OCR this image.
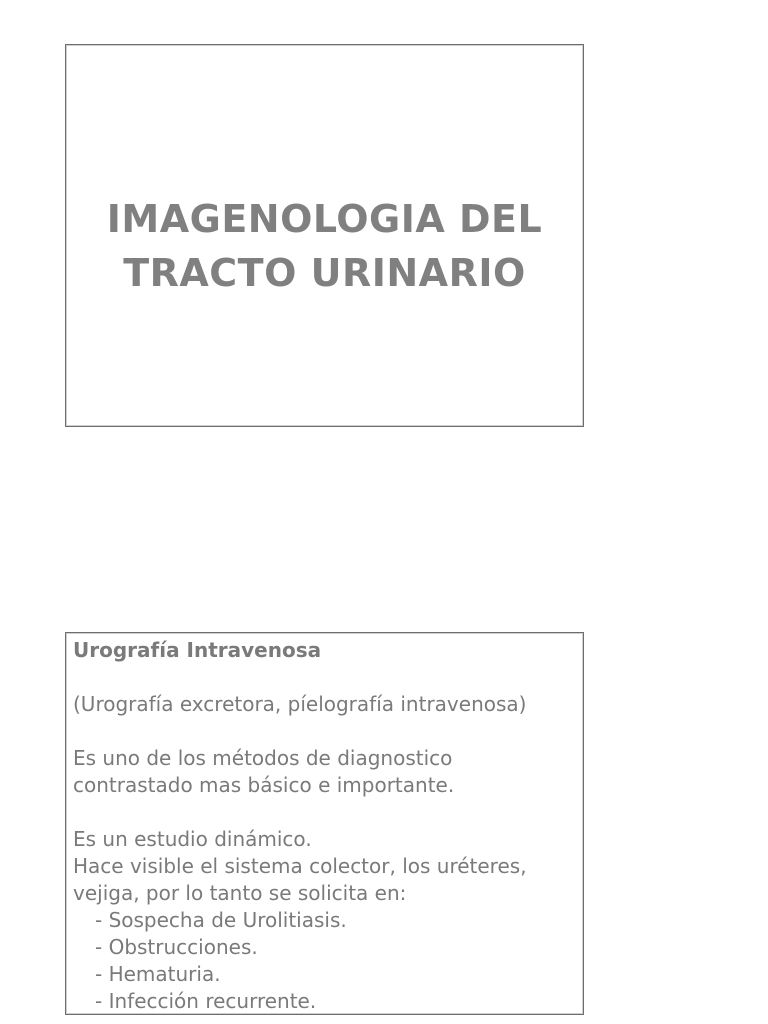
IMAGENOLOGIA DEL
TRACTO URINARIO
Urografía Intravenosa
(Urografía excretora, píelografía intravenosa)
Es uno de los métodos de diagnostico
contrastado mas básico e importante.
Es un estudio dinámico.
Hace visible el sistema colector, los uréteres,
vejiga, por lo tanto se solicita en:
- Sospecha de Urolitiasis.
- Obstrucciones.
- Hematuria.
- Infección recurrente.
